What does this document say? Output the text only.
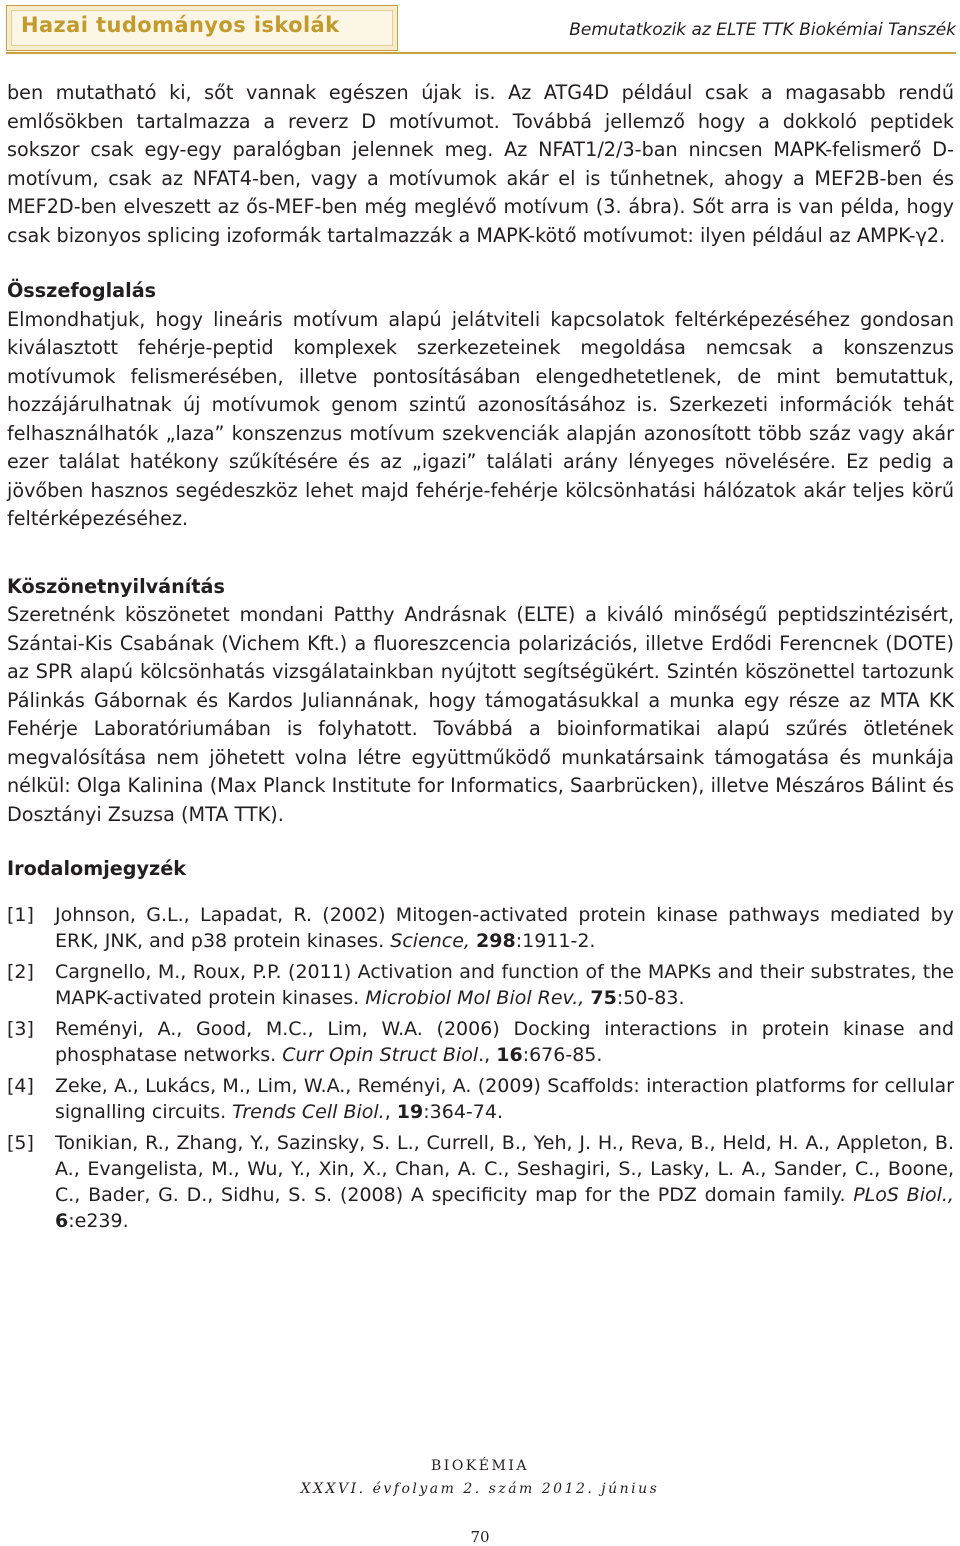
Hazai tudományos iskolák	Bemutatkozik az ELTE TTK Biokémiai Tanszék

ben mutatható ki, sőt vannak egészen újak is. Az ATG4D például csak a magasabb rendű emlősökben tartalmazza a reverz D motívumot. Továbbá jellemző hogy a dokkoló peptidek sokszor csak egy-egy paralógban jelennek meg. Az NFAT1/2/3-ban nincsen MAPK-felismerő D-motívum, csak az NFAT4-ben, vagy a motívumok akár el is tűnhetnek, ahogy a MEF2B-ben és MEF2D-ben elveszett az ős-MEF-ben még meglévő motívum (3. ábra). Sőt arra is van példa, hogy csak bizonyos splicing izoformák tartalmazzák a MAPK-kötő motívumot: ilyen például az AMPK-γ2.

Összefoglalás

Elmondhatjuk, hogy lineáris motívum alapú jelátviteli kapcsolatok feltérképezéséhez gondosan kiválasztott fehérje-peptid komplexek szerkezeteinek megoldása nemcsak a konszenzus motívumok felismerésében, illetve pontosításában elengedhetetlenek, de mint bemutattuk, hozzájárulhatnak új motívumok genom szintű azonosításához is. Szerkezeti információk tehát felhasználhatók „laza” konszenzus motívum szekvenciák alapján azonosított több száz vagy akár ezer találat hatékony szűkítésére és az „igazi” találati arány lényeges növelésére. Ez pedig a jövőben hasznos segédeszköz lehet majd fehérje-fehérje kölcsönhatási hálózatok akár teljes körű feltérképezéséhez.

Köszönetnyilvánítás

Szeretnénk köszönetet mondani Patthy Andrásnak (ELTE) a kiváló minőségű peptidszintézisért, Szántai-Kis Csabának (Vichem Kft.) a fluoreszcencia polarizációs, illetve Erdődi Ferencnek (DOTE) az SPR alapú kölcsönhatás vizsgálatainkban nyújtott segítségükért. Szintén köszönettel tartozunk Pálinkás Gábornak és Kardos Juliannának, hogy támogatásukkal a munka egy része az MTA KK Fehérje Laboratóriumában is folyhatott. Továbbá a bioinformatikai alapú szűrés ötletének megvalósítása nem jöhetett volna létre együttműködő munkatársaink támogatása és munkája nélkül: Olga Kalinina (Max Planck Institute for Informatics, Saarbrücken), illetve Mészáros Bálint és Dosztányi Zsuzsa (MTA TTK).

Irodalomjegyzék
[1] Johnson, G.L., Lapadat, R. (2002) Mitogen-activated protein kinase pathways mediated by ERK, JNK, and p38 protein kinases. Science, 298:1911-2.
[2] Cargnello, M., Roux, P.P. (2011) Activation and function of the MAPKs and their substrates, the MAPK-activated protein kinases. Microbiol Mol Biol Rev., 75:50-83.
[3] Reményi, A., Good, M.C., Lim, W.A. (2006) Docking interactions in protein kinase and phosphatase networks. Curr Opin Struct Biol., 16:676-85.
[4] Zeke, A., Lukács, M., Lim, W.A., Reményi, A. (2009) Scaffolds: interaction platforms for cellular signalling circuits. Trends Cell Biol., 19:364-74.
[5] Tonikian, R., Zhang, Y., Sazinsky, S. L., Currell, B., Yeh, J. H., Reva, B., Held, H. A., Appleton, B. A., Evangelista, M., Wu, Y., Xin, X., Chan, A. C., Seshagiri, S., Lasky, L. A., Sander, C., Boone, C., Bader, G. D., Sidhu, S. S. (2008) A specificity map for the PDZ domain family. PLoS Biol., 6:e239.
BIOKÉMIA
XXXVI. évfolyam 2. szám 2012. június
70
